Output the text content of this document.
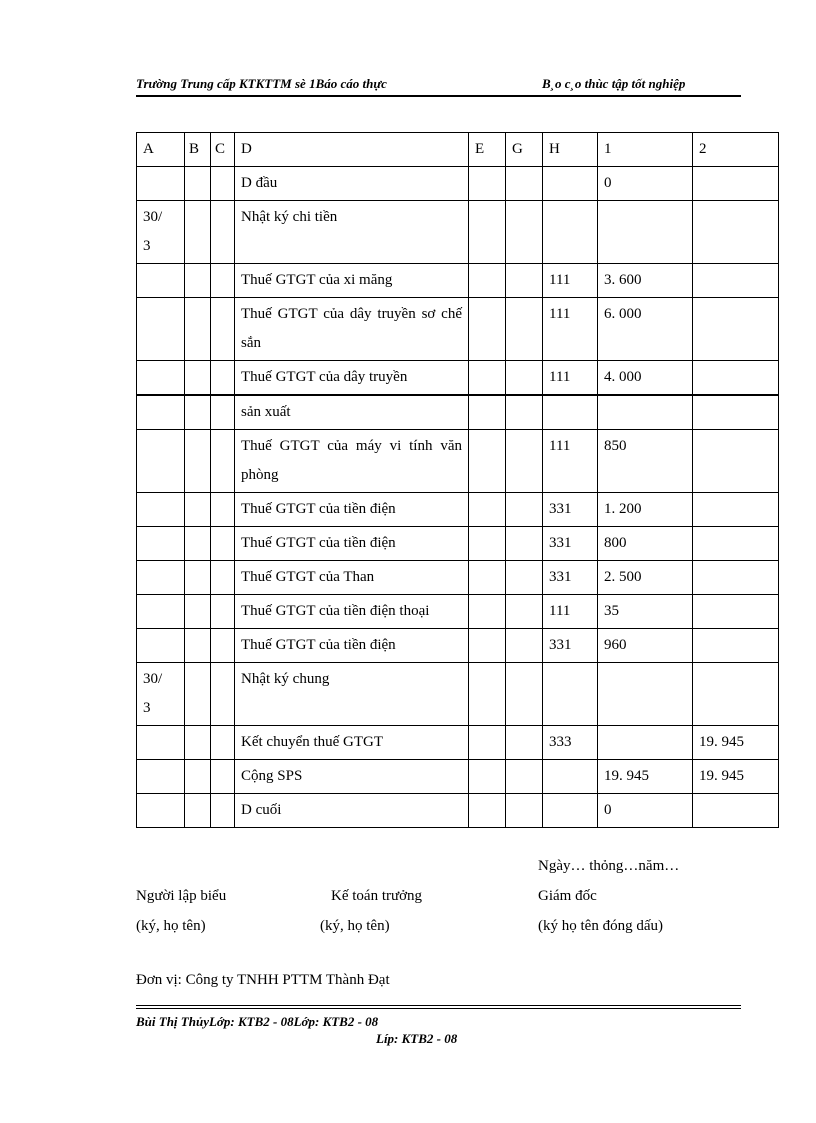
Trường Trung cấp KTKTTM sè 1Báo cáo thực	B¸o c¸o thùc tập tốt nghiệp
A	B	C	D	E	G	H	1	2
			D đầu				0	
30/
3			Nhật ký chi tiền					
			Thuế GTGT của xi măng			111	3. 600	
			Thuế GTGT của dây truyền sơ chế sắn			111	6. 000	
			Thuế GTGT của dây truyền			111	4. 000	
			sản xuất					
			Thuế GTGT của máy vi tính văn phòng			111	850	
			Thuế GTGT của tiền điện			331	1. 200	
			Thuế GTGT của tiền điện			331	800	
			Thuế GTGT của Than			331	2. 500	
			Thuế GTGT của tiền điện thoại			111	35	
			Thuế GTGT của tiền điện			331	960	
30/
3			Nhật ký chung					
			Kết chuyển thuế GTGT			333		19. 945
			Cộng SPS				19. 945	19. 945
			D cuối				0	
Ngày… thỏng…năm…
Người lập biểu
(ký, họ tên)
Kế toán trưởng
(ký, họ tên)
Giám đốc
(ký họ tên đóng dấu)
Đơn vị: Công ty TNHH PTTM Thành Đạt
Bùi Thị ThủyLớp: KTB2 - 08Lớp: KTB2 - 08
Líp: KTB2 - 08
